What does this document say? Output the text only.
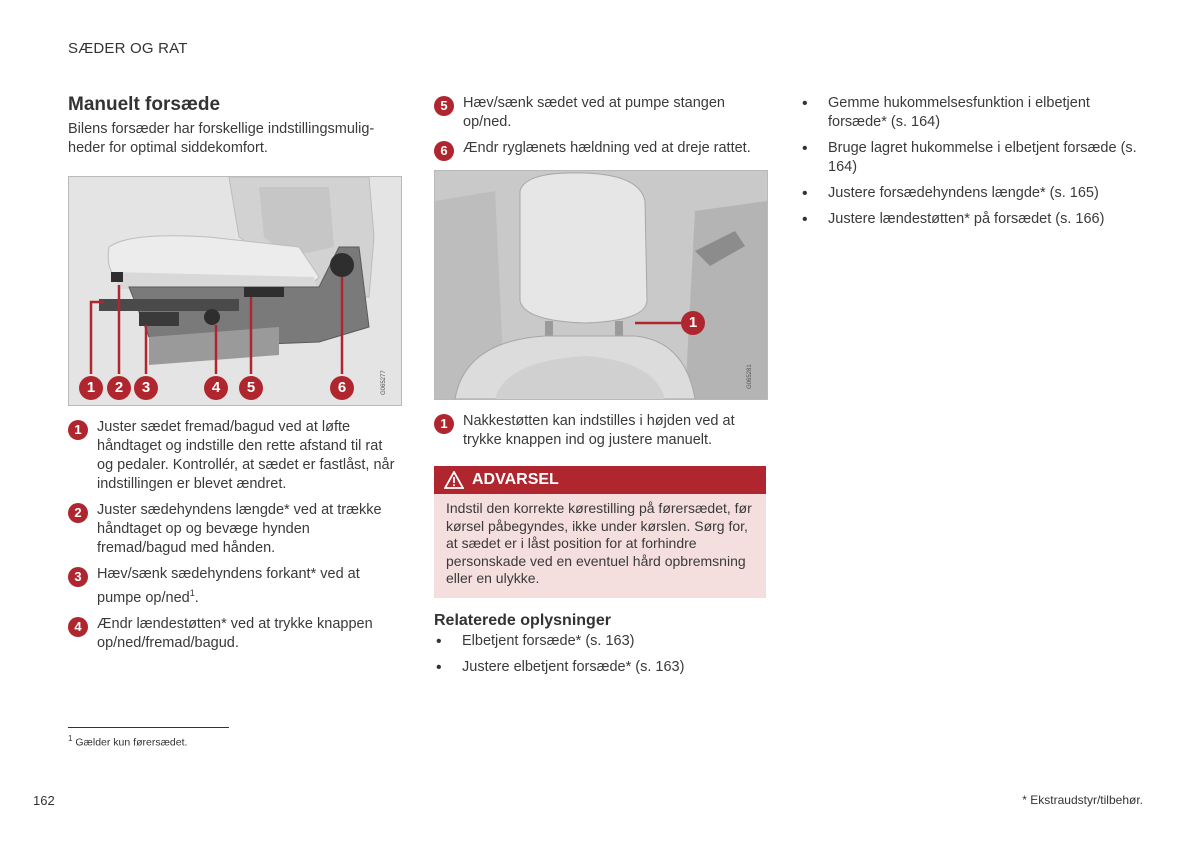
SÆDER OG RAT
Manuelt forsæde

Bilens forsæder har forskellige indstillingsmulig-heder for optimal siddekomfort.

1	2	3	4	5	6	G065277
1	Juster sædet fremad/bagud ved at løfte håndtaget og indstille den rette afstand til rat og pedaler. Kontrollér, at sædet er fastlåst, når indstillingen er blevet ændret.
2	Juster sædehyndens længde* ved at trække håndtaget op og bevæge hynden fremad/bagud med hånden.
3	Hæv/sænk sædehyndens forkant* ved at pumpe op/ned$^1$.
4	Ændr lændestøtten* ved at trykke knappen op/ned/fremad/bagud.
5	Hæv/sænk sædet ved at pumpe stangen op/ned.
6	Ændr ryglænets hældning ved at dreje rattet.
1
G065281
1	Nakkestøtten kan indstilles i højden ved at trykke knappen ind og justere manuelt.
ADVARSEL
Indstil den korrekte kørestilling på førersædet, før kørsel påbegyndes, ikke under kørslen. Sørg for, at sædet er i låst position for at forhindre personskade ved en eventuel hård opbremsning eller en ulykke.
Relaterede oplysninger
• Elbetjent forsæde* (s. 163)
• Justere elbetjent forsæde* (s. 163)
• Gemme hukommelsesfunktion i elbetjent forsæde* (s. 164)
• Bruge lagret hukommelse i elbetjent forsæde (s. 164)
• Justere forsædehyndens længde* (s. 165)
• Justere lændestøtten* på forsædet (s. 166)
$^1$ Gælder kun førersædet.
162	* Ekstraudstyr/tilbehør.
